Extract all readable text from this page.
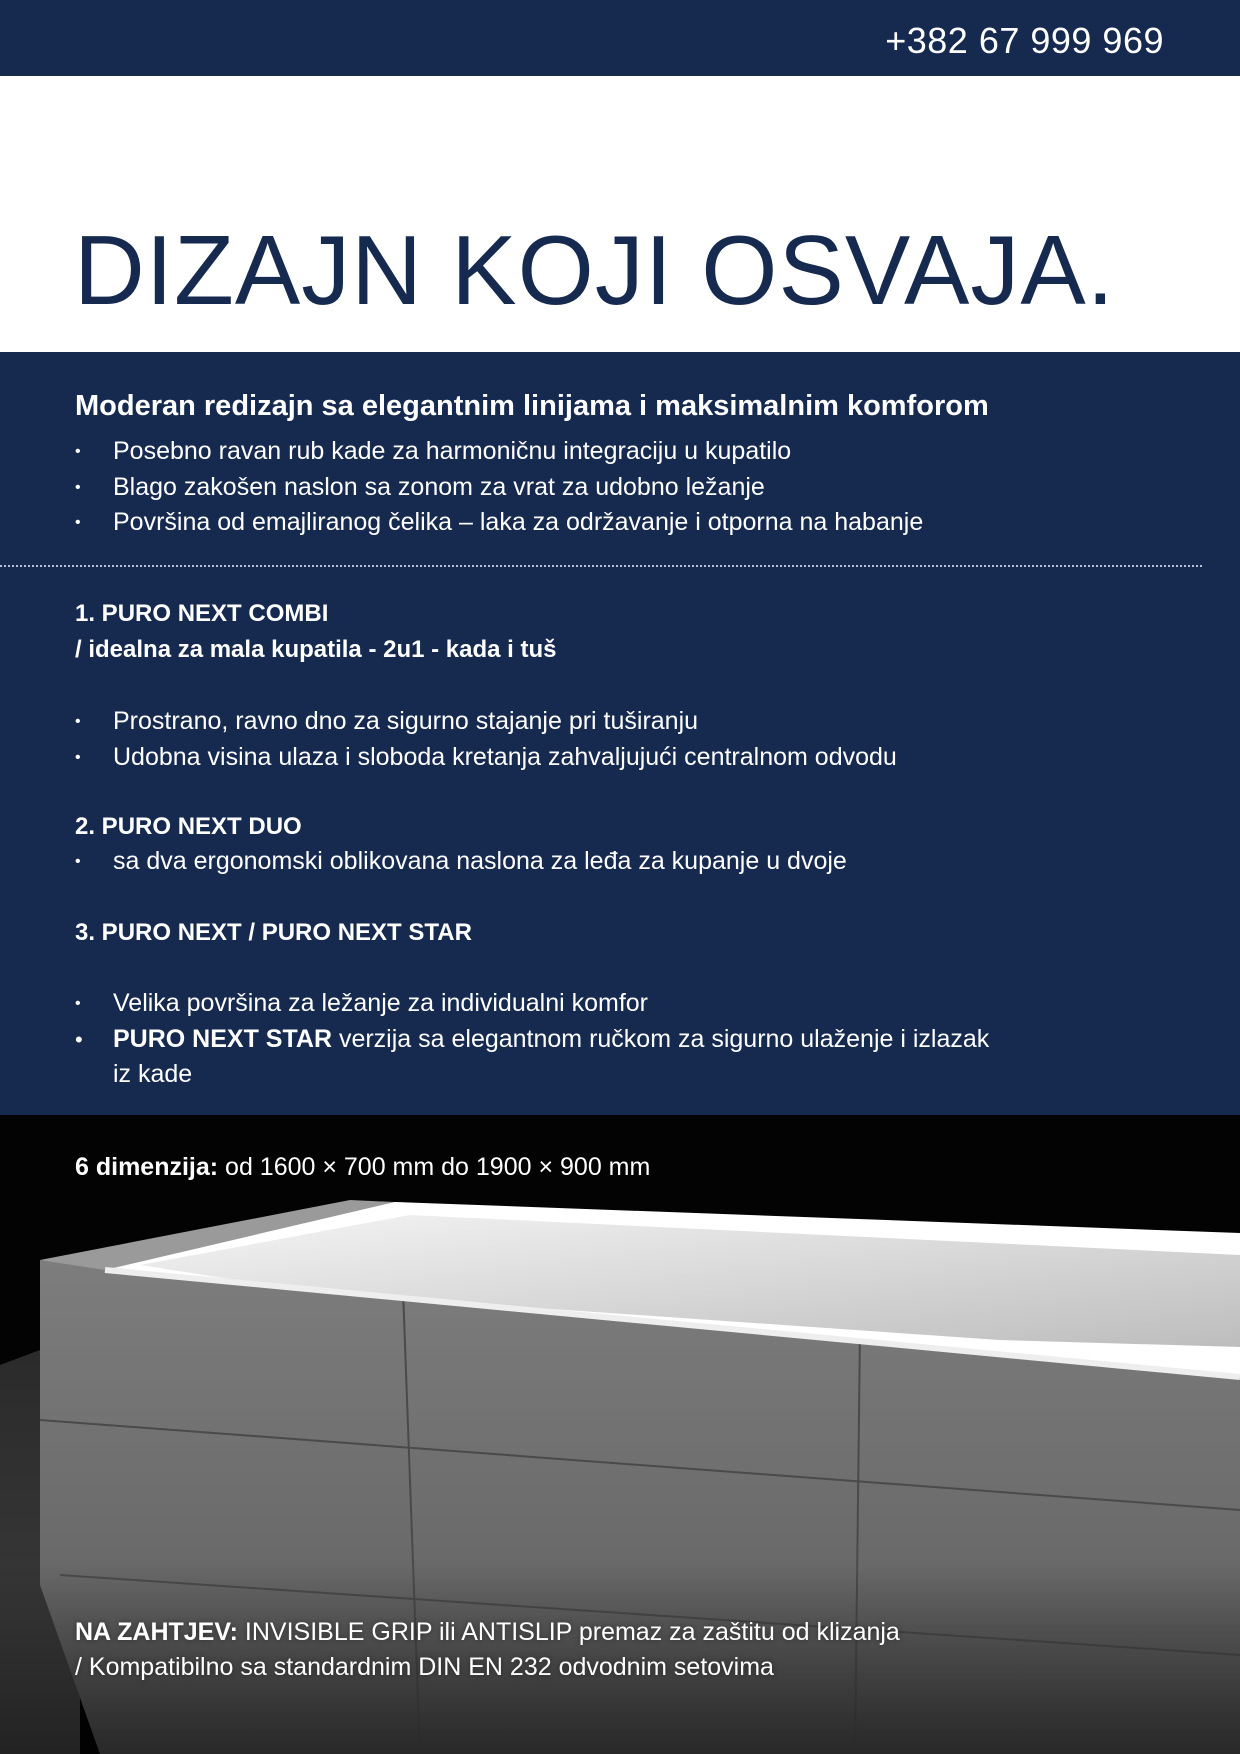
+382 67 999 969
DIZAJN KOJI OSVAJA.
Moderan redizajn sa elegantnim linijama i maksimalnim komforom
• Posebno ravan rub kade za harmoničnu integraciju u kupatilo
• Blago zakošen naslon sa zonom za vrat za udobno ležanje
• Površina od emajliranog čelika – laka za održavanje i otporna na habanje
1. PURO NEXT COMBI
/ idealna za mala kupatila - 2u1 - kada i tuš
• Prostrano, ravno dno za sigurno stajanje pri tuširanju
• Udobna visina ulaza i sloboda kretanja zahvaljujući centralnom odvodu
2. PURO NEXT DUO
• sa dva ergonomski oblikovana naslona za leđa za kupanje u dvoje
3. PURO NEXT / PURO NEXT STAR
• Velika površina za ležanje za individualni komfor
• PURO NEXT STAR verzija sa elegantnom ručkom za sigurno ulaženje i izlazak iz kade
6 dimenzija: od 1600 × 700 mm do 1900 × 900 mm
NA ZAHTJEV: INVISIBLE GRIP ili ANTISLIP premaz za zaštitu od klizanja
/ Kompatibilno sa standardnim DIN EN 232 odvodnim setovima
